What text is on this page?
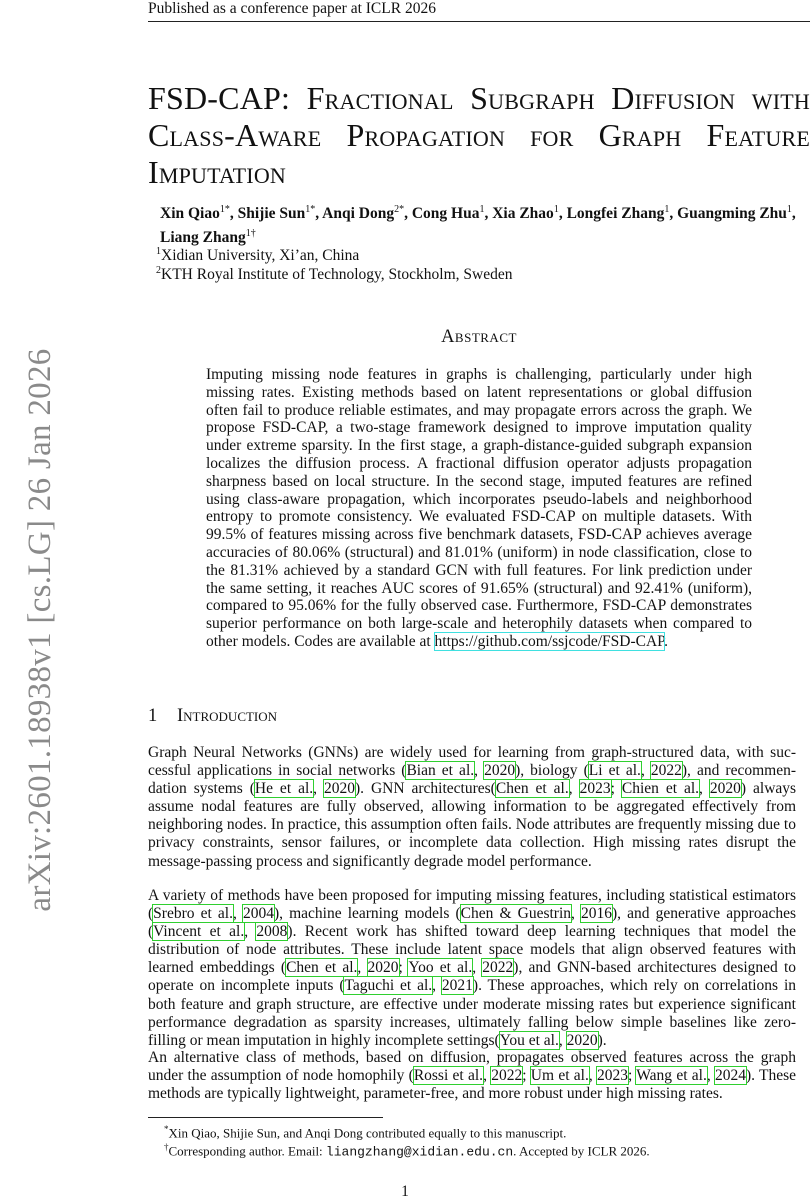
Published as a conference paper at ICLR 2026
arXiv:2601.18938v1 [cs.LG] 26 Jan 2026
FSD-CAP: Fractional Subgraph Diffusion with
Class-Aware Propagation for Graph Feature
Imputation
Xin Qiao$^{1*}$, Shijie Sun$^{1*}$, Anqi Dong$^{2*}$, Cong Hua$^1$, Xia Zhao$^1$, Longfei Zhang$^1$, Guangming Zhu$^1$, Liang Zhang$^{1\dagger}$
$^1$Xidian University, Xi’an, China
$^2$KTH Royal Institute of Technology, Stockholm, Sweden
Abstract
Imputing missing node features in graphs is challenging, particularly under high missing rates. Existing methods based on latent representations or global diffusion often fail to produce reliable estimates, and may propagate errors across the graph. We propose FSD-CAP, a two-stage framework designed to improve imputation quality under extreme sparsity. In the first stage, a graph-distance-guided subgraph expansion localizes the diffusion process. A fractional diffusion operator adjusts propagation sharpness based on local structure. In the second stage, imputed features are refined using class-aware propagation, which incorporates pseudo-labels and neighborhood entropy to promote consistency. We evaluated FSD-CAP on multiple datasets. With 99.5% of features missing across five benchmark datasets, FSD-CAP achieves average accuracies of 80.06% (structural) and 81.01% (uniform) in node classification, close to the 81.31% achieved by a standard GCN with full features. For link prediction under the same setting, it reaches AUC scores of 91.65% (structural) and 92.41% (uniform), compared to 95.06% for the fully observed case. Furthermore, FSD-CAP demonstrates superior performance on both large-scale and heterophily datasets when compared to other models. Codes are available at https://github.com/ssjcode/FSD-CAP.
1 Introduction
Graph Neural Networks (GNNs) are widely used for learning from graph-structured data, with successful applications in social networks (Bian et al., 2020), biology (Li et al., 2022), and recommendation systems (He et al., 2020). GNN architectures(Chen et al., 2023; Chien et al., 2020) always assume nodal features are fully observed, allowing information to be aggregated effectively from neighboring nodes. In practice, this assumption often fails. Node attributes are frequently missing due to privacy constraints, sensor failures, or incomplete data collection. High missing rates disrupt the message-passing process and significantly degrade model performance.
A variety of methods have been proposed for imputing missing features, including statistical estimators (Srebro et al., 2004), machine learning models (Chen & Guestrin, 2016), and generative approaches (Vincent et al., 2008). Recent work has shifted toward deep learning techniques that model the distribution of node attributes. These include latent space models that align observed features with learned embeddings (Chen et al., 2020; Yoo et al., 2022), and GNN-based architectures designed to operate on incomplete inputs (Taguchi et al., 2021). These approaches, which rely on correlations in both feature and graph structure, are effective under moderate missing rates but experience significant performance degradation as sparsity increases, ultimately falling below simple baselines like zero-filling or mean imputation in highly incomplete settings(You et al., 2020).
An alternative class of methods, based on diffusion, propagates observed features across the graph under the assumption of node homophily (Rossi et al., 2022; Um et al., 2023; Wang et al., 2024). These methods are typically lightweight, parameter-free, and more robust under high missing rates.
*Xin Qiao, Shijie Sun, and Anqi Dong contributed equally to this manuscript.
†Corresponding author. Email: liangzhang@xidian.edu.cn. Accepted by ICLR 2026.
1
